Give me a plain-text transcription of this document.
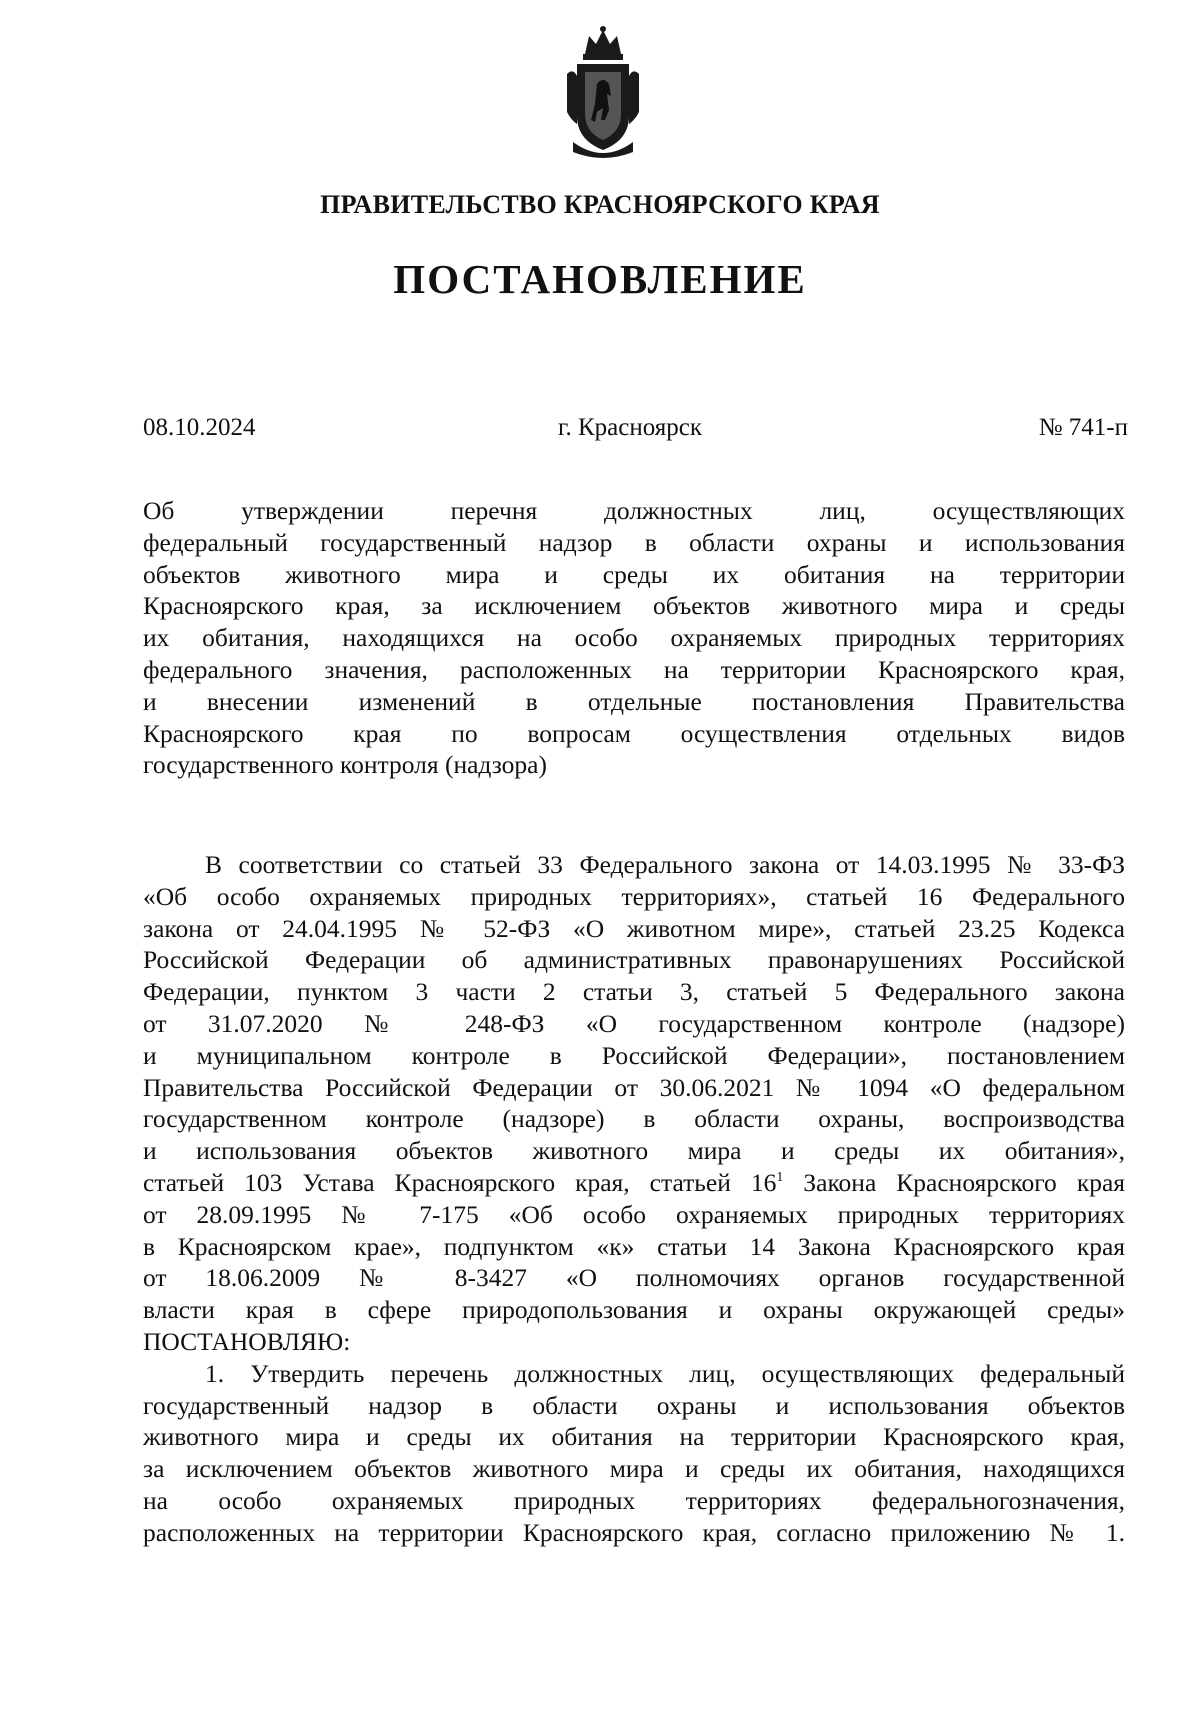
ПРАВИТЕЛЬСТВО КРАСНОЯРСКОГО КРАЯ
ПОСТАНОВЛЕНИЕ
08.10.2024	г. Красноярск	№ 741-п
Об утверждении перечня должностных лиц, осуществляющих
федеральный государственный надзор в области охраны и использования
объектов животного мира и среды их обитания на территории
Красноярского края, за исключением объектов животного мира и среды
их обитания, находящихся на особо охраняемых природных территориях
федерального значения, расположенных на территории Красноярского края,
и внесении изменений в отдельные постановления Правительства
Красноярского края по вопросам осуществления отдельных видов
государственного контроля (надзора)
В соответствии со статьей 33 Федерального закона от 14.03.1995 № 33-ФЗ
«Об особо охраняемых природных территориях», статьей 16 Федерального
закона от 24.04.1995 № 52-ФЗ «О животном мире», статьей 23.25 Кодекса
Российской Федерации об административных правонарушениях Российской
Федерации, пунктом 3 части 2 статьи 3, статьей 5 Федерального закона
от 31.07.2020 № 248-ФЗ «О государственном контроле (надзоре)
и муниципальном контроле в Российской Федерации», постановлением
Правительства Российской Федерации от 30.06.2021 № 1094 «О федеральном
государственном контроле (надзоре) в области охраны, воспроизводства
и использования объектов животного мира и среды их обитания»,
статьей 103 Устава Красноярского края, статьей $16^1$ Закона Красноярского края
от 28.09.1995 № 7-175 «Об особо охраняемых природных территориях
в Красноярском крае», подпунктом «к» статьи 14 Закона Красноярского края
от 18.06.2009 № 8-3427 «О полномочиях органов государственной
власти края в сфере природопользования и охраны окружающей среды»
ПОСТАНОВЛЯЮ:
1. Утвердить перечень должностных лиц, осуществляющих федеральный
государственный надзор в области охраны и использования объектов
животного мира и среды их обитания на территории Красноярского края,
за исключением объектов животного мира и среды их обитания, находящихся
на особо охраняемых природных территориях федеральногозначения,
расположенных на территории Красноярского края, согласно приложению № 1.
